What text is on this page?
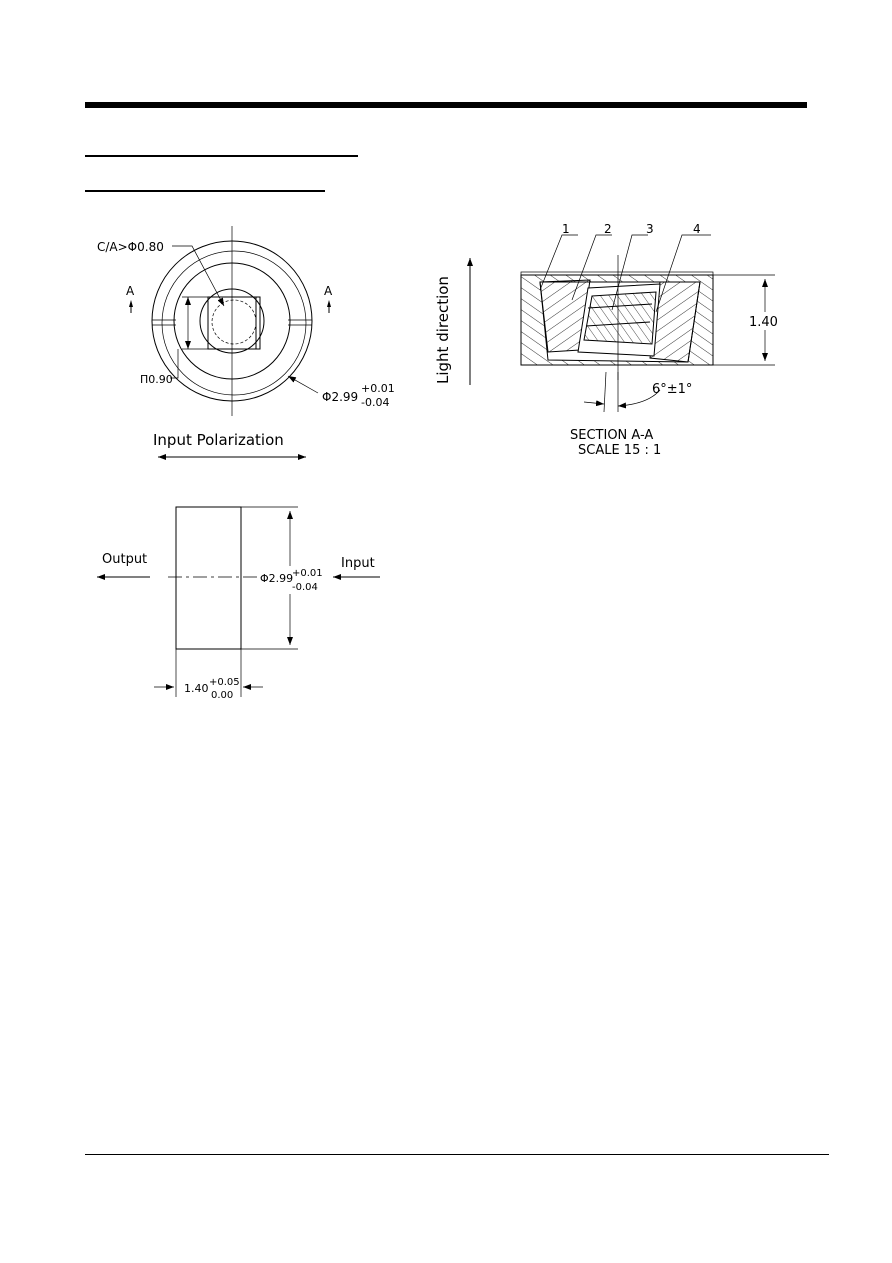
C/A>Φ0.80
A	A
Π0.90
Φ2.99
+0.01
-0.04
Input Polarization
Light direction
1	2	3	4
1.40
6°±1°
SECTION A-A
SCALE 15 : 1
Output	Input
Φ2.99
+0.01
-0.04
1.40 +0.05
0.00
